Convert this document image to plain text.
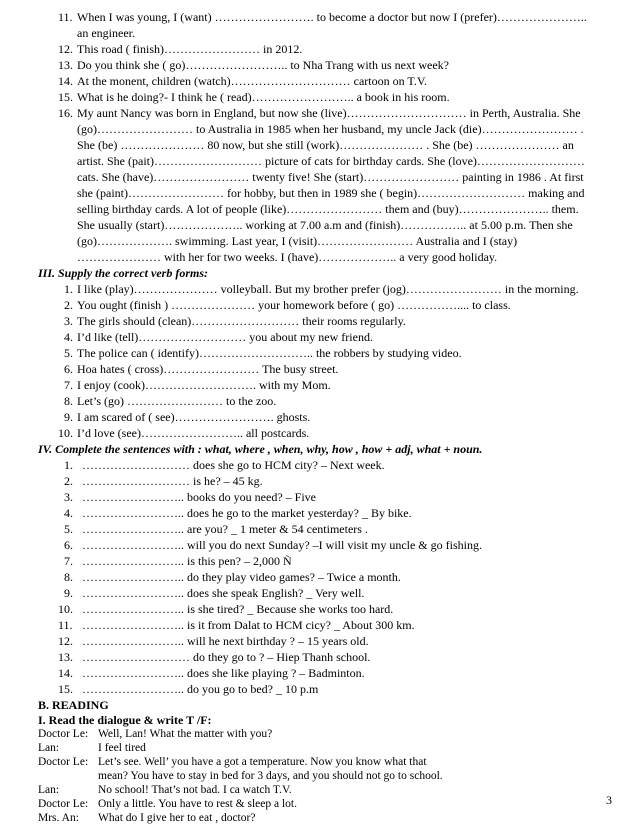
11. When I was young, I (want) ……………………. to become a doctor but now I (prefer)…………………..
an engineer.
12. This road ( finish)…………………… in 2012.
13. Do you think she ( go)…………………….. to Nha Trang with us next week?
14. At the monent, children (watch)………………………… cartoon on T.V.
15. What is he doing?- I think he ( read)…………………….. a book in his room.
16. My aunt Nancy was born in England, but now she (live)………………………… in Perth, Australia. She
(go)…………………… to Australia in 1985 when her husband, my uncle Jack (die)…………………… .
She (be) ………………… 80 now, but she still (work)………………… . She (be) ………………… an
artist. She (pait)……………………… picture of cats for birthday cards. She (love)………………………
cats. She (have)…………………… twenty five! She (start)…………………… painting in 1986 . At first
she (paint)…………………… for hobby, but then in 1989 she ( begin)……………………… making and
selling birthday cards. A lot of people (like)…………………… them and (buy)………………….. them.
She usually (start)……………….. working at 7.00 a.m and (finish)…………….. at 5.00 p.m. Then she
(go)………………. swimming. Last year, I (visit)…………………… Australia and I (stay)
………………… with her for two weeks. I (have)……………….. a very good holiday.
III. Supply the correct verb forms:
1. I like (play)………………… volleyball. But my brother prefer (jog)…………………… in the morning.
2. You ought (finish ) ………………… your homework before ( go) …………….... to class.
3. The girls should (clean)……………………… their rooms regularly.
4. I’d like (tell)……………………… you about my new friend.
5. The police can ( identify)……………………….. the robbers by studying video.
6. Hoa hates ( cross)…………………… The busy street.
7. I enjoy (cook)………………………. with my Mom.
8. Let’s (go) …………………… to the zoo.
9. I am scared of ( see)……………………. ghosts.
10. I’d love (see)…………………….. all postcards.
IV. Complete the sentences with : what, where , when, why, how , how + adj, what + noun.
1. ……………………… does she go to HCM city? – Next week.
2. ……………………… is he? – 45 kg.
3. …………………….. books do you need? – Five
4. …………………….. does he go to the market yesterday? _ By bike.
5. …………………….. are you? _ 1 meter & 54 centimeters .
6. …………………….. will you do next Sunday? –I will visit my uncle & go fishing.
7. …………………….. is this pen? – 2,000 Ñ
8. …………………….. do they play video games? – Twice a month.
9. …………………….. does she speak English? _ Very well.
10. …………………….. is she tired? _ Because she works too hard.
11. …………………….. is it from Dalat to HCM cicy? _ About 300 km.
12. …………………….. will he next birthday ? – 15 years old.
13. ……………………… do they go to ? – Hiep Thanh school.
14. …………………….. does she like playing ? – Badminton.
15. …………………….. do you go to bed? _ 10 p.m
B. READING
I. Read the dialogue & write T /F:
Doctor Le: Well, Lan! What the matter with you?
Lan:	I feel tired
Doctor Le: Let’s see. Well’ you have a got a temperature. Now you know what that
mean? You have to stay in bed for 3 days, and you should not go to school.
Lan:	No school! That’s not bad. I ca watch T.V.
Doctor Le: Only a little. You have to rest & sleep a lot.
Mrs. An: What do I give her to eat , doctor?
3
